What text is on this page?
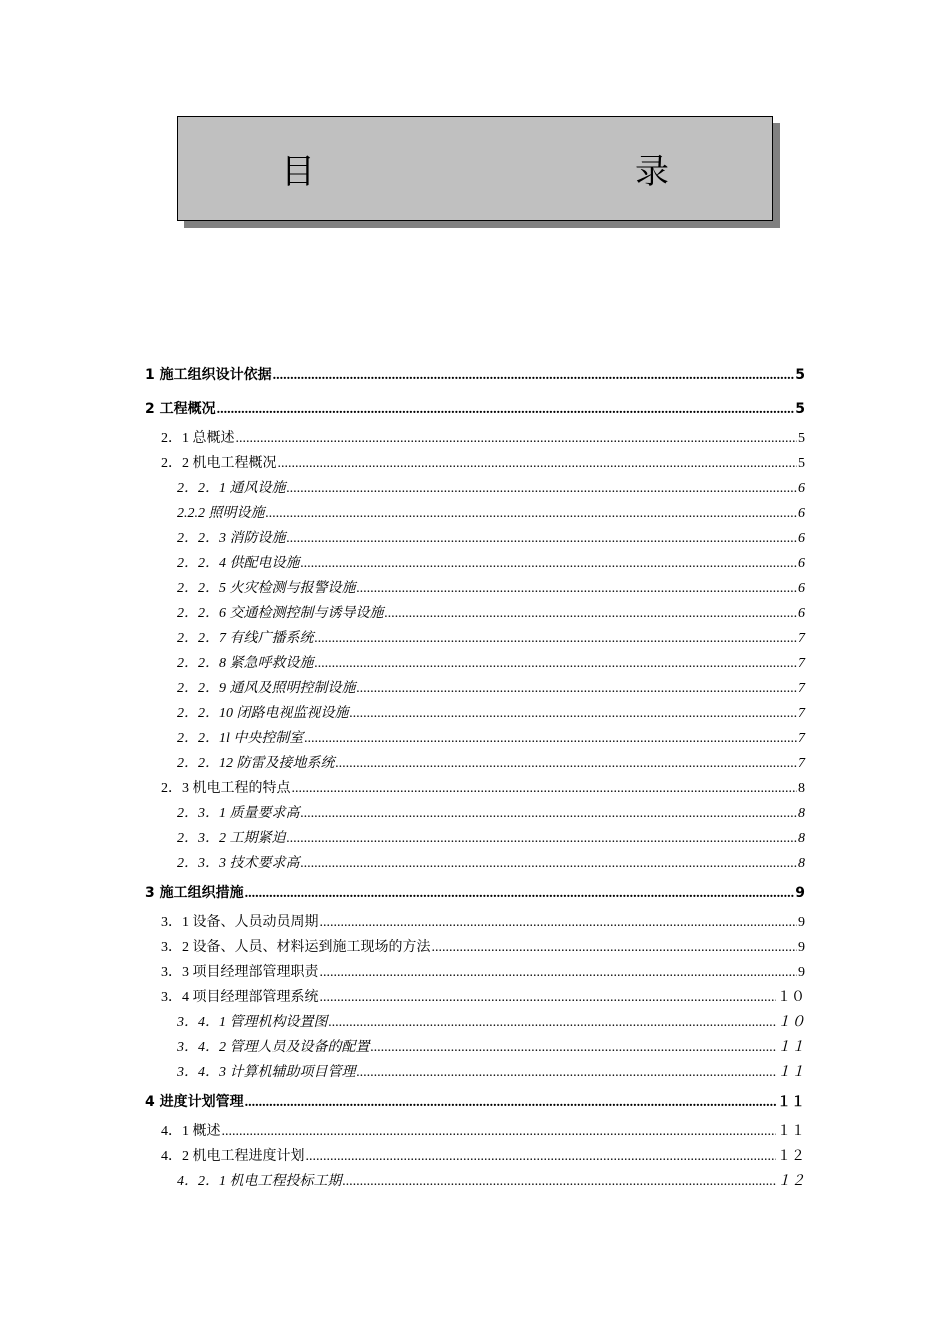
目　　录
1 施工组织设计依据 .....	5
2 工程概况 .....	5
2．1 总概述 .....	5
2．2 机电工程概况 .....	5
2．2．1 通风设施 .....	6
2.2.2 照明设施 .....	6
2．2．3 消防设施 .....	6
2．2．4 供配电设施 .....	6
2．2．5 火灾检测与报警设施 .....	6
2．2．6 交通检测控制与诱导设施 .....	6
2．2．7 有线广播系统 .....	7
2．2．8 紧急呼救设施 .....	7
2．2．9 通风及照明控制设施 .....	7
2．2．10 闭路电视监视设施 .....	7
2．2．1l 中央控制室 .....	7
2．2．12 防雷及接地系统 .....	7
2．3 机电工程的特点 .....	8
2．3．1 质量要求高 .....	8
2．3．2 工期紧迫 .....	8
2．3．3 技术要求高 .....	8
3 施工组织措施 .....	9
3．1 设备、人员动员周期 .....	9
3．2 设备、人员、材料运到施工现场的方法 .....	9
3．3 项目经理部管理职责 .....	9
3．4 项目经理部管理系统 .....	１０
3．4．1 管理机构设置图 .....	１０
3．4．2 管理人员及设备的配置 .....	１１
3．4．3 计算机辅助项目管理 .....	１１
4 进度计划管理 .....	１１
4．1 概述 .....	１１
4．2 机电工程进度计划 .....	１２
4．2．1 机电工程投标工期 .....	１２
